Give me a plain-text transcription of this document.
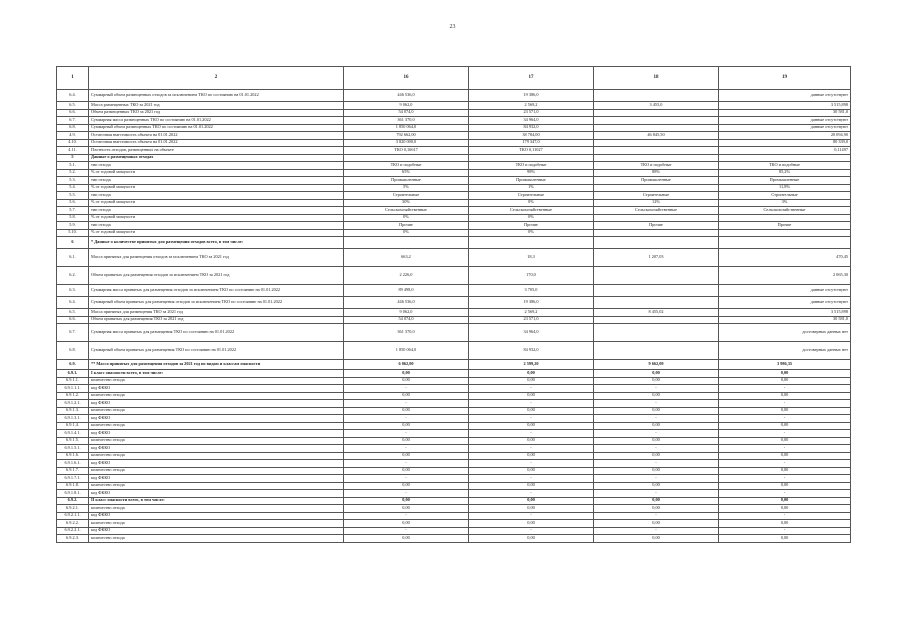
23
1	2	16	17	18	19
6.4.	Суммарный объем размещенных отходов за исключением ТКО по состоянию на 01.01.2022	446 536,0	19 386,0		данные отсутствуют
6.5.	Масса размещенных ТКО за 2021 год	9 062,0	2 569,2	3 455,0	3 515,898
6.6.	Объем размещенных ТКО за 2021 год	54 074,0	23 571,0		30 581,0
6.7.	Суммарная масса размещенных ТКО по состоянию на 01.01.2022	361 370,0	34 964,0		данные отсутствуют
6.8.	Суммарный объем размещенных ТКО по состоянию на 01.01.2022	1 850 064,0	84 932,0		данные отсутствуют
4.9.	Остаточная вместимость объекта на 01.01.2022	792 662,00	38 784,00	46 845,50	20 094,90
4.10.	Остаточная вместимость объекта на 01.01.2022	3 820 000,0	179 347,0		80 339,0
4.11.	Плотность отходов, размещенных на объекте	ТКО 0,16617	ТКО 0,11027		0,11497
5	Данные о размещенных отходах				
5.1.	тип отхода	ТКО и подобные	ТКО и подобные	ТКО и подобные	ТКО и подобные
5.2.	% от годовой мощности	65%	98%	88%	85,2%
5.3.	тип отхода	Промышленные	Промышленные	Промышленные	Промышленные
5.4.	% от годовой мощности	5%	1%		11,8%
5.5.	тип отхода	Строительные	Строительные	Строительные	Строительные
5.6.	% от годовой мощности	30%	0%	12%	3%
5.7.	тип отхода	Сельскохозяйственные	Сельскохозяйственные	Сельскохозяйственные	Сельскохозяйственные
5.8.	% от годовой мощности	0%	0%		
5.9.	тип отхода	Прочие	Прочие	Прочие	Прочие
5.10.	% от годовой мощности	0%	0%		
6	* Данные о количестве принятых для размещения отходов всего, в том числе:				
6.1.	Масса принятых для размещения отходов за исключением ТКО за 2021 год	663,2	18,3	1 207,03	470,45
6.2.	Объем принятых для размещения отходов за исключением ТКО за 2021 год	2 226,0	170,0		2 065,30
6.3.	Суммарная масса принятых для размещения отходов за исключением ТКО по состоянию на 01.01.2022	89 498,0	3 705,0		данные отсутствуют
6.4.	Суммарный объем принятых для размещения отходов за исключением ТКО по состоянию на 01.01.2022	446 536,0	19 386,0		данные отсутствуют
6.5.	Масса принятых для размещения ТКО за 2021 год	9 062,0	2 569,2	8 455,02	3 515,898
6.6.	Объем принятых для размещения ТКО за 2021 год	54 074,0	23 571,0		30 581,0
6.7.	Суммарная масса принятых для размещения ТКО по состоянию на 01.01.2022	361 370,0	34 964,0		достоверных данных нет
6.8.	Суммарный объем принятых для размещения ТКО по состоянию на 01.01.2022	1 850 064,0	84 932,0		достоверных данных нет
6.9.	** Масса принятых для размещения отходов за 2021 год по видам и классам опасности	6 062,00	2 599,20	9 662,09	3 986,35
6.9.1.	I класс опасности всего, в том числе:	0,00	0,00	0,00	0,00
6.9.1.1.	количество отхода	0,00	0,00	0,00	0,00
6.9.1.1.1.	код ФККО	-	-	-	-
6.9.1.2.	количество отхода	0,00	0,00	0,00	0,00
6.9.1.2.1.	код ФККО	-	-	-	-
6.9.1.3.	количество отхода	0,00	0,00	0,00	0,00
6.9.1.3.1.	код ФККО	-	-	-	-
6.9.1.4.	количество отхода	0,00	0,00	0,00	0,00
6.9.1.4.1.	код ФККО	-	-	-	-
6.9.1.5.	количество отхода	0,00	0,00	0,00	0,00
6.9.1.5.1.	код ФККО	-	-	-	-
6.9.1.6.	количество отхода	0,00	0,00	0,00	0,00
6.9.1.6.1.	код ФККО	-	-	-	-
6.9.1.7.	количество отхода	0,00	0,00	0,00	0,00
6.9.1.7.1.	код ФККО	-	-	-	-
6.9.1.8.	количество отхода	0,00	0,00	0,00	0,00
6.9.1.8.1.	код ФККО	-	-	-	-
6.9.2.	II класс опасности всего, в том числе:	0,00	0,00	0,00	0,00
6.9.2.1.	количество отхода	0,00	0,00	0,00	0,00
6.9.2.1.1.	код ФККО	-	-	-	-
6.9.2.2.	количество отхода	0,00	0,00	0,00	0,00
6.9.2.2.1.	код ФККО	-	-	-	-
6.9.2.3.	количество отхода	0,00	0,00	0,00	0,00
